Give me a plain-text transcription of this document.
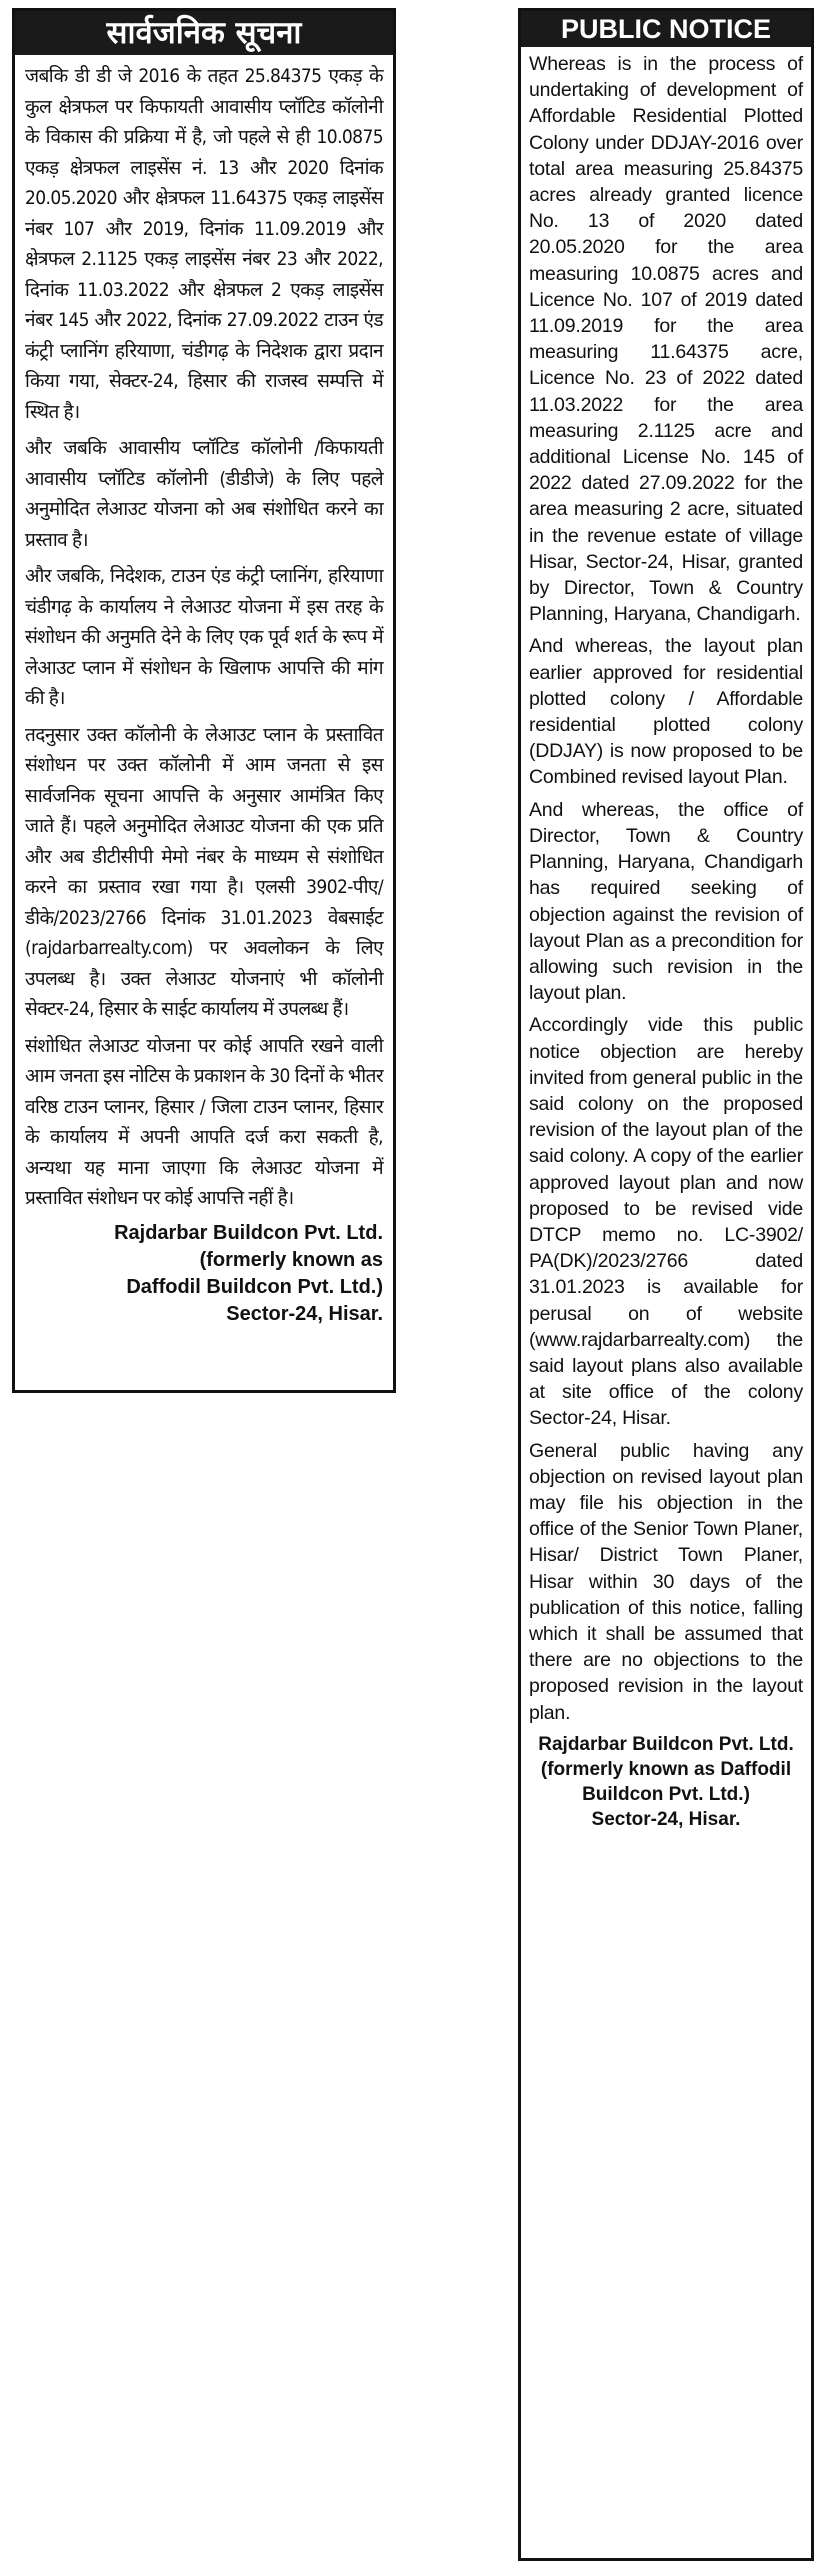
सार्वजनिक सूचना

जबकि डी डी जे 2016 के तहत 25.84375 एकड़ के कुल क्षेत्रफल पर किफायती आवासीय प्लॉटिड कॉलोनी के विकास की प्रक्रिया में है, जो पहले से ही 10.0875 एकड़ क्षेत्रफल लाइसेंस नं. 13 और 2020 दिनांक 20.05.2020 और क्षेत्रफल 11.64375 एकड़ लाइसेंस नंबर 107 और 2019, दिनांक 11.09.2019 और क्षेत्रफल 2.1125 एकड़ लाइसेंस नंबर 23 और 2022, दिनांक 11.03.2022 और क्षेत्रफल 2 एकड़ लाइसेंस नंबर 145 और 2022, दिनांक 27.09.2022 टाउन एंड कंट्री प्लानिंग हरियाणा, चंडीगढ़ के निदेशक द्वारा प्रदान किया गया, सेक्टर-24, हिसार की राजस्व सम्पत्ति में स्थित है।

और जबकि आवासीय प्लॉटिड कॉलोनी /किफायती आवासीय प्लॉटिड कॉलोनी (डीडीजे) के लिए पहले अनुमोदित लेआउट योजना को अब संशोधित करने का प्रस्ताव है।

और जबकि, निदेशक, टाउन एंड कंट्री प्लानिंग, हरियाणा चंडीगढ़ के कार्यालय ने लेआउट योजना में इस तरह के संशोधन की अनुमति देने के लिए एक पूर्व शर्त के रूप में लेआउट प्लान में संशोधन के खिलाफ आपत्ति की मांग की है।

तदनुसार उक्त कॉलोनी के लेआउट प्लान के प्रस्तावित संशोधन पर उक्त कॉलोनी में आम जनता से इस सार्वजनिक सूचना आपत्ति के अनुसार आमंत्रित किए जाते हैं। पहले अनुमोदित लेआउट योजना की एक प्रति और अब डीटीसीपी मेमो नंबर के माध्यम से संशोधित करने का प्रस्ताव रखा गया है। एलसी 3902-पीए/डीके/2023/2766 दिनांक 31.01.2023 वेबसाईट (rajdarbarrealty.com) पर अवलोकन के लिए उपलब्ध है। उक्त लेआउट योजनाएं भी कॉलोनी सेक्टर-24, हिसार के साईट कार्यालय में उपलब्ध हैं।

संशोधित लेआउट योजना पर कोई आपति रखने वाली आम जनता इस नोटिस के प्रकाशन के 30 दिनों के भीतर वरिष्ठ टाउन प्लानर, हिसार / जिला टाउन प्लानर, हिसार के कार्यालय में अपनी आपति दर्ज करा सकती है, अन्यथा यह माना जाएगा कि लेआउट योजना में प्रस्तावित संशोधन पर कोई आपत्ति नहीं है।

Rajdarbar Buildcon Pvt. Ltd.
(formerly known as
Daffodil Buildcon Pvt. Ltd.)
Sector-24, Hisar.
PUBLIC NOTICE

Whereas is in the process of undertaking of development of Affordable Residential Plotted Colony under DDJAY-2016 over total area measuring 25.84375 acres already granted licence No. 13 of 2020 dated 20.05.2020 for the area measuring 10.0875 acres and Licence No. 107 of 2019 dated 11.09.2019 for the area measuring 11.64375 acre, Licence No. 23 of 2022 dated 11.03.2022 for the area measuring 2.1125 acre and additional License No. 145 of 2022 dated 27.09.2022 for the area measuring 2 acre, situated in the revenue estate of village Hisar, Sector-24, Hisar, granted by Director, Town & Country Planning, Haryana, Chandigarh.

And whereas, the layout plan earlier approved for residential plotted colony / Affordable residential plotted colony (DDJAY) is now proposed to be Combined revised layout Plan.

And whereas, the office of Director, Town & Country Planning, Haryana, Chandigarh has required seeking of objection against the revision of layout Plan as a precondition for allowing such revision in the layout plan.

Accordingly vide this public notice objection are hereby invited from general public in the said colony on the proposed revision of the layout plan of the said colony. A copy of the earlier approved layout plan and now proposed to be revised vide DTCP memo no. LC-3902/ PA(DK)/2023/2766 dated 31.01.2023 is available for perusal on of website (www.rajdarbarrealty.com) the said layout plans also available at site office of the colony Sector-24, Hisar.

General public having any objection on revised layout plan may file his objection in the office of the Senior Town Planer, Hisar/ District Town Planer, Hisar within 30 days of the publication of this notice, falling which it shall be assumed that there are no objections to the proposed revision in the layout plan.

Rajdarbar Buildcon Pvt. Ltd.
(formerly known as Daffodil
Buildcon Pvt. Ltd.)
Sector-24, Hisar.
